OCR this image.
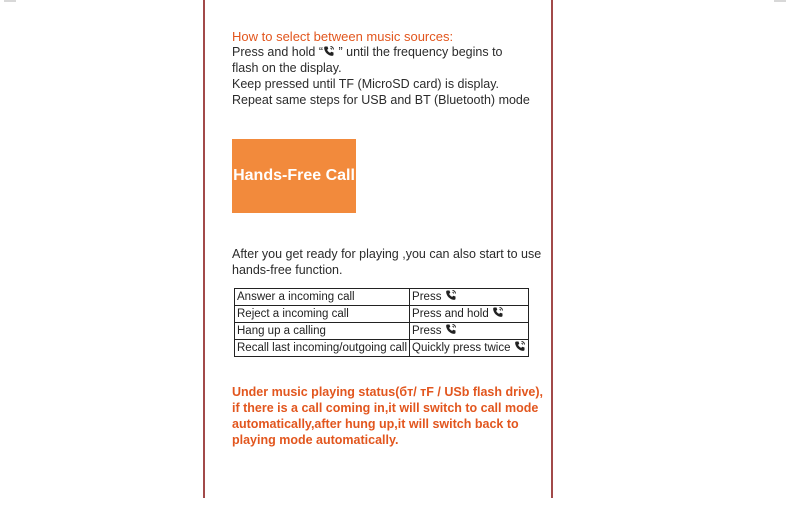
How to select between music sources:

Press and hold “ ” until the frequency begins to

flash on the display.

Keep pressed until TF (MicroSD card) is display.

Repeat same steps for USB and BT (Bluetooth) mode

Hands-Free Call

After you get ready for playing ,you can also start to use

hands-free function.

Answer a incoming call	Press
Reject a incoming call	Press and hold
Hang up a calling	Press
Recall last incoming/outgoing call	Quickly press twice

Under music playing status(бт/ тF / USb flash drive),

if there is a call coming in,it will switch to call mode

automatically,after hung up,it will switch back to

playing mode automatically.
